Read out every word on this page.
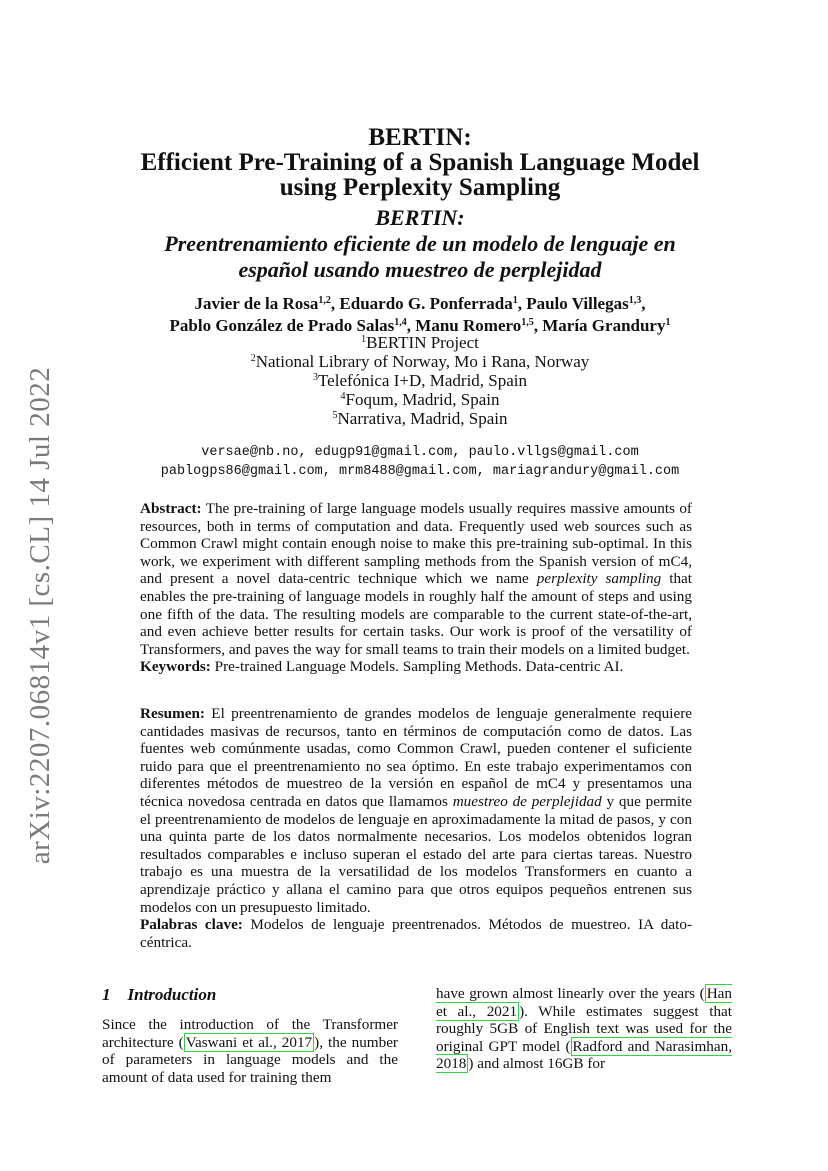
arXiv:2207.06814v1 [cs.CL] 14 Jul 2022
BERTIN:
Efficient Pre-Training of a Spanish Language Model
using Perplexity Sampling
BERTIN:
Preentrenamiento eficiente de un modelo de lenguaje en
español usando muestreo de perplejidad
Javier de la Rosa$^{1,2}$, Eduardo G. Ponferrada$^1$, Paulo Villegas$^{1,3}$,
Pablo González de Prado Salas$^{1,4}$, Manu Romero$^{1,5}$, María Grandury$^1$
$^1$BERTIN Project
$^2$National Library of Norway, Mo i Rana, Norway
$^3$Telefónica I+D, Madrid, Spain
$^4$Foqum, Madrid, Spain
$^5$Narrativa, Madrid, Spain
versae@nb.no, edugp91@gmail.com, paulo.vllgs@gmail.com
pablogps86@gmail.com, mrm8488@gmail.com, mariagrandury@gmail.com

Abstract: The pre-training of large language models usually requires massive amounts of resources, both in terms of computation and data. Frequently used web sources such as Common Crawl might contain enough noise to make this pre-training sub-optimal. In this work, we experiment with different sampling methods from the Spanish version of mC4, and present a novel data-centric technique which we name perplexity sampling that enables the pre-training of language models in roughly half the amount of steps and using one fifth of the data. The resulting models are comparable to the current state-of-the-art, and even achieve better results for certain tasks. Our work is proof of the versatility of Transformers, and paves the way for small teams to train their models on a limited budget.

Keywords: Pre-trained Language Models. Sampling Methods. Data-centric AI.

Resumen: El preentrenamiento de grandes modelos de lenguaje generalmente requiere cantidades masivas de recursos, tanto en términos de computación como de datos. Las fuentes web comúnmente usadas, como Common Crawl, pueden contener el suficiente ruido para que el preentrenamiento no sea óptimo. En este trabajo experimentamos con diferentes métodos de muestreo de la versión en español de mC4 y presentamos una técnica novedosa centrada en datos que llamamos muestreo de perplejidad y que permite el preentrenamiento de modelos de lenguaje en aproximadamente la mitad de pasos, y con una quinta parte de los datos normalmente necesarios. Los modelos obtenidos logran resultados comparables e incluso superan el estado del arte para ciertas tareas. Nuestro trabajo es una muestra de la versatilidad de los modelos Transformers en cuanto a aprendizaje práctico y allana el camino para que otros equipos pequeños entrenen sus modelos con un presupuesto limitado.

Palabras clave: Modelos de lenguaje preentrenados. Métodos de muestreo. IA dato-céntrica.

1 Introduction

Since the introduction of the Transformer architecture ( Vaswani et al., 2017 ), the number of parameters in language models and the amount of data used for training them

have grown almost linearly over the years ( Han et al., 2021 ). While estimates suggest that roughly 5GB of English text was used for the original GPT model ( Radford and Narasimhan, 2018 ) and almost 16GB for
